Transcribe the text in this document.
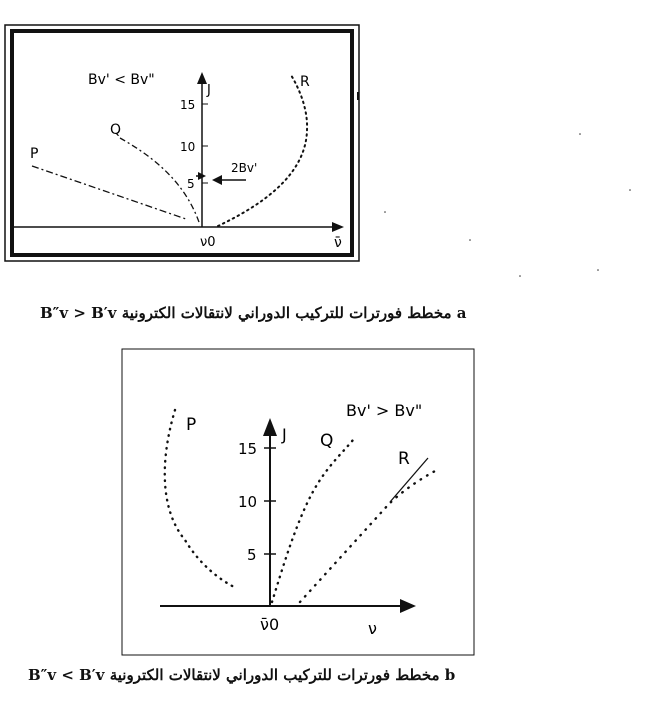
Bv' < Bv"
J
15
10
5
P
Q
R
2Bv'
ν0	ν̄
B″v > B′v مخطط فورترات للتركيب الدوراني لانتقالات الكترونية a
Bv' > Bv"
J
15
10
5
P
Q
R
ν̄0	ν
B″v < B′v مخطط فورترات للتركيب الدوراني لانتقالات الكترونية b
